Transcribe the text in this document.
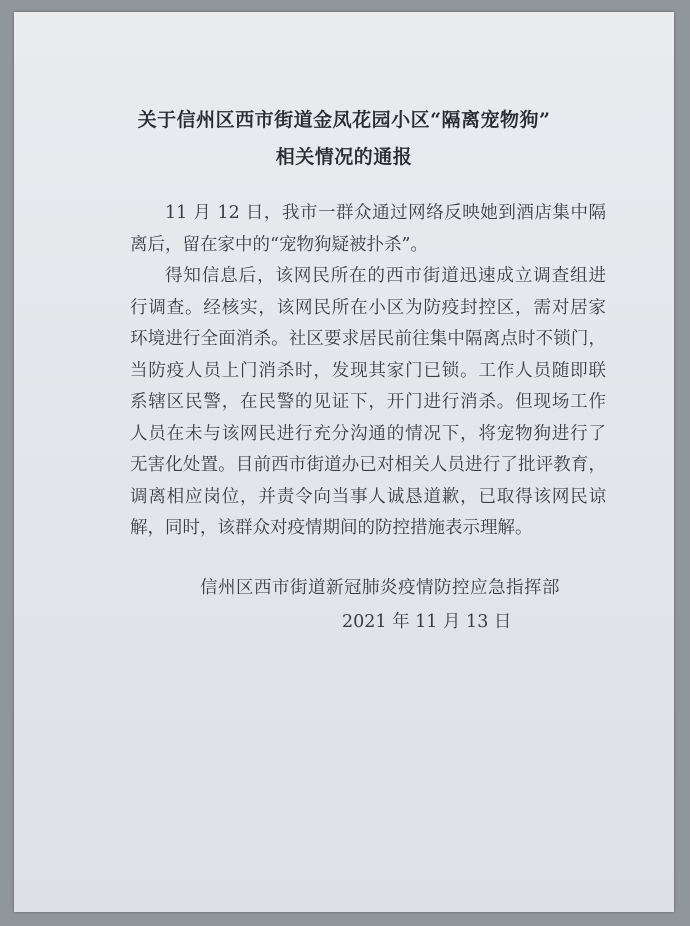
关于信州区西市街道金凤花园小区“隔离宠物狗”
相关情况的通报
11 月 12 日，我市一群众通过网络反映她到酒店集中隔
离后，留在家中的“宠物狗疑被扑杀”。
得知信息后，该网民所在的西市街道迅速成立调查组进
行调查。经核实，该网民所在小区为防疫封控区，需对居家
环境进行全面消杀。社区要求居民前往集中隔离点时不锁门，
当防疫人员上门消杀时，发现其家门已锁。工作人员随即联
系辖区民警，在民警的见证下，开门进行消杀。但现场工作
人员在未与该网民进行充分沟通的情况下，将宠物狗进行了
无害化处置。目前西市街道办已对相关人员进行了批评教育，
调离相应岗位，并责令向当事人诚恳道歉，已取得该网民谅
解，同时，该群众对疫情期间的防控措施表示理解。
信州区西市街道新冠肺炎疫情防控应急指挥部
2021 年 11 月 13 日
